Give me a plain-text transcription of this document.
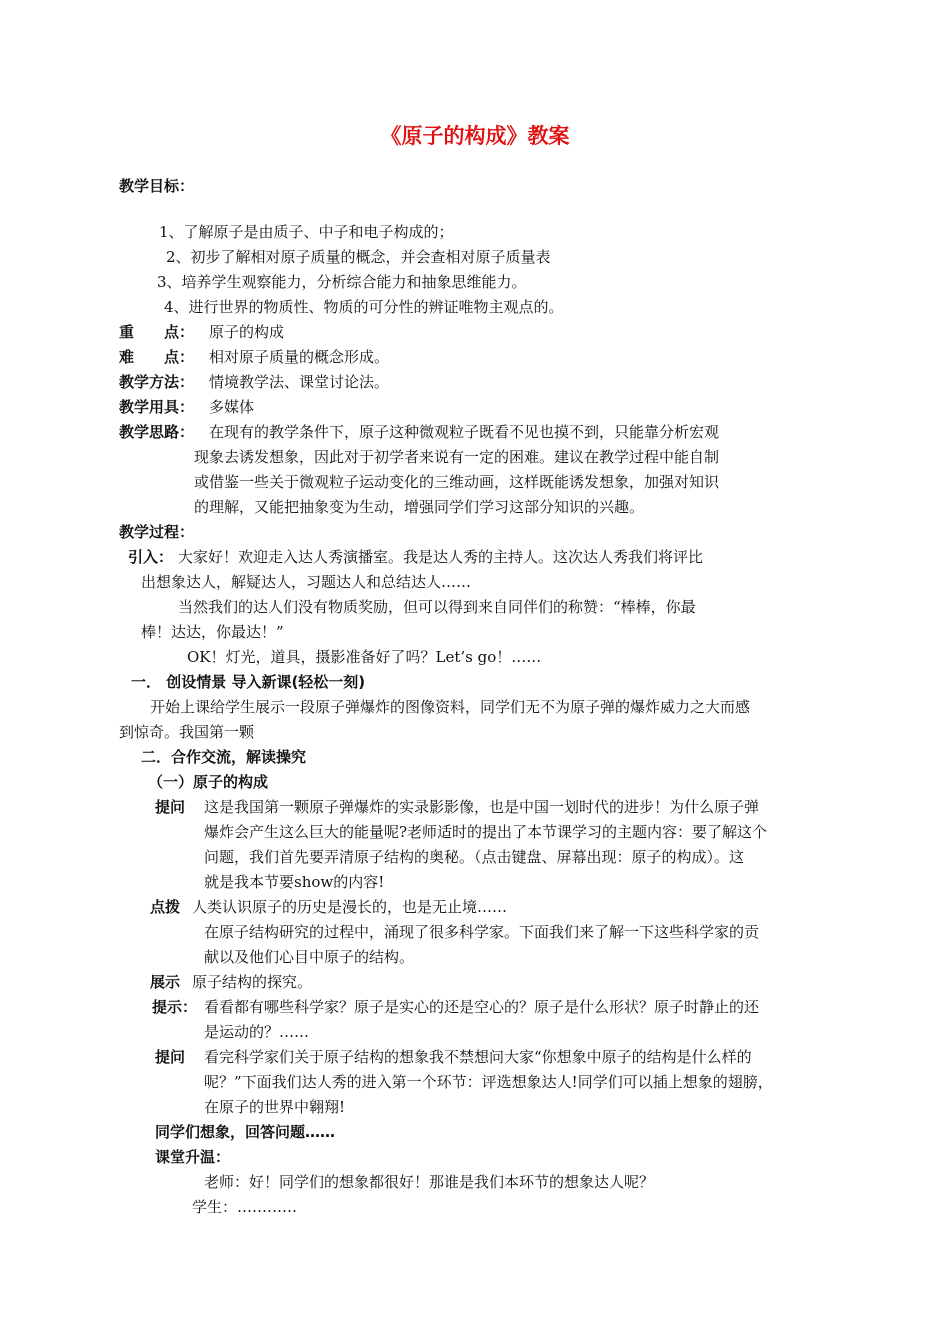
《原子的构成》教案
教学目标：
1、了解原子是由质子、中子和电子构成的；
2、初步了解相对原子质量的概念，并会查相对原子质量表
3、培养学生观察能力，分析综合能力和抽象思维能力。
4、进行世界的物质性、物质的可分性的辨证唯物主观点的。
重　　点： 原子的构成
难　　点： 相对原子质量的概念形成。
教学方法： 情境教学法、课堂讨论法。
教学用具： 多媒体
教学思路： 在现有的教学条件下，原子这种微观粒子既看不见也摸不到，只能靠分析宏观
现象去诱发想象，因此对于初学者来说有一定的困难。建议在教学过程中能自制
或借鉴一些关于微观粒子运动变化的三维动画，这样既能诱发想象，加强对知识
的理解，又能把抽象变为生动，增强同学们学习这部分知识的兴趣。
教学过程：
引入： 大家好！欢迎走入达人秀演播室。我是达人秀的主持人。这次达人秀我们将评比
出想象达人，解疑达人，习题达人和总结达人……
当然我们的达人们没有物质奖励，但可以得到来自同伴们的称赞：“棒棒，你最
棒！达达，你最达！”
OK！灯光，道具，摄影准备好了吗？Let’s go！……
一． 创设情景 导入新课(轻松一刻)
开始上课给学生展示一段原子弹爆炸的图像资料，同学们无不为原子弹的爆炸威力之大而感
到惊奇。我国第一颗
二．合作交流，解读操究
（一）原子的构成
提问 这是我国第一颗原子弹爆炸的实录影影像，也是中国一划时代的进步！为什么原子弹
爆炸会产生这么巨大的能量呢?老师适时的提出了本节课学习的主题内容：要了解这个
问题，我们首先要弄清原子结构的奥秘。（点击键盘、屏幕出现：原子的构成）。这
就是我本节要show的内容!
点拨 人类认识原子的历史是漫长的，也是无止境……
在原子结构研究的过程中，涌现了很多科学家。下面我们来了解一下这些科学家的贡
献以及他们心目中原子的结构。
展示 原子结构的探究。
提示： 看看都有哪些科学家？原子是实心的还是空心的？原子是什么形状？原子时静止的还
是运动的？……
提问 看完科学家们关于原子结构的想象我不禁想问大家“你想象中原子的结构是什么样的
呢？”下面我们达人秀的进入第一个环节：评选想象达人!同学们可以插上想象的翅膀，
在原子的世界中翱翔!
同学们想象，回答问题……
课堂升温：
老师：好！同学们的想象都很好！那谁是我们本环节的想象达人呢？
学生：…………
